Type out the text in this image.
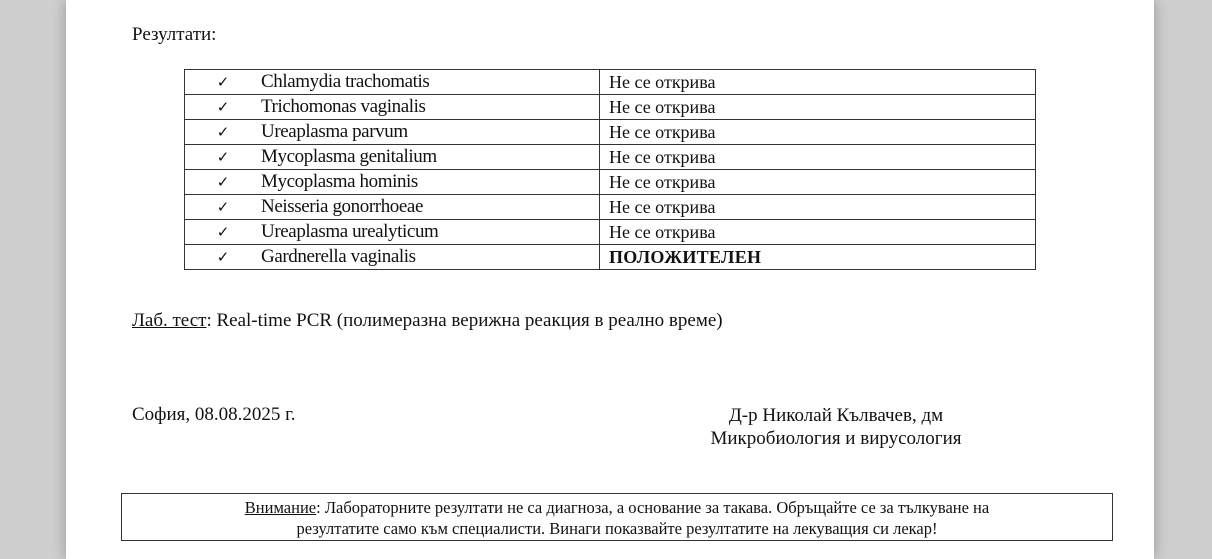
Резултати:
✓ Chlamydia trachomatis	Не се открива
✓ Trichomonas vaginalis	Не се открива
✓ Ureaplasma parvum	Не се открива
✓ Mycoplasma genitalium	Не се открива
✓ Mycoplasma hominis	Не се открива
✓ Neisseria gonorrhoeae	Не се открива
✓ Ureaplasma urealyticum	Не се открива
✓ Gardnerella vaginalis	ПОЛОЖИТЕЛЕН
Лаб. тест: Real-time PCR (полимеразна верижна реакция в реално време)
София, 08.08.2025 г.	Д-р Николай Кълвачев, дм
Микробиология и вирусология
Внимание: Лабораторните резултати не са диагноза, а основание за такава. Обръщайте се за тълкуване на
резултатите само към специалисти. Винаги показвайте резултатите на лекуващия си лекар!
